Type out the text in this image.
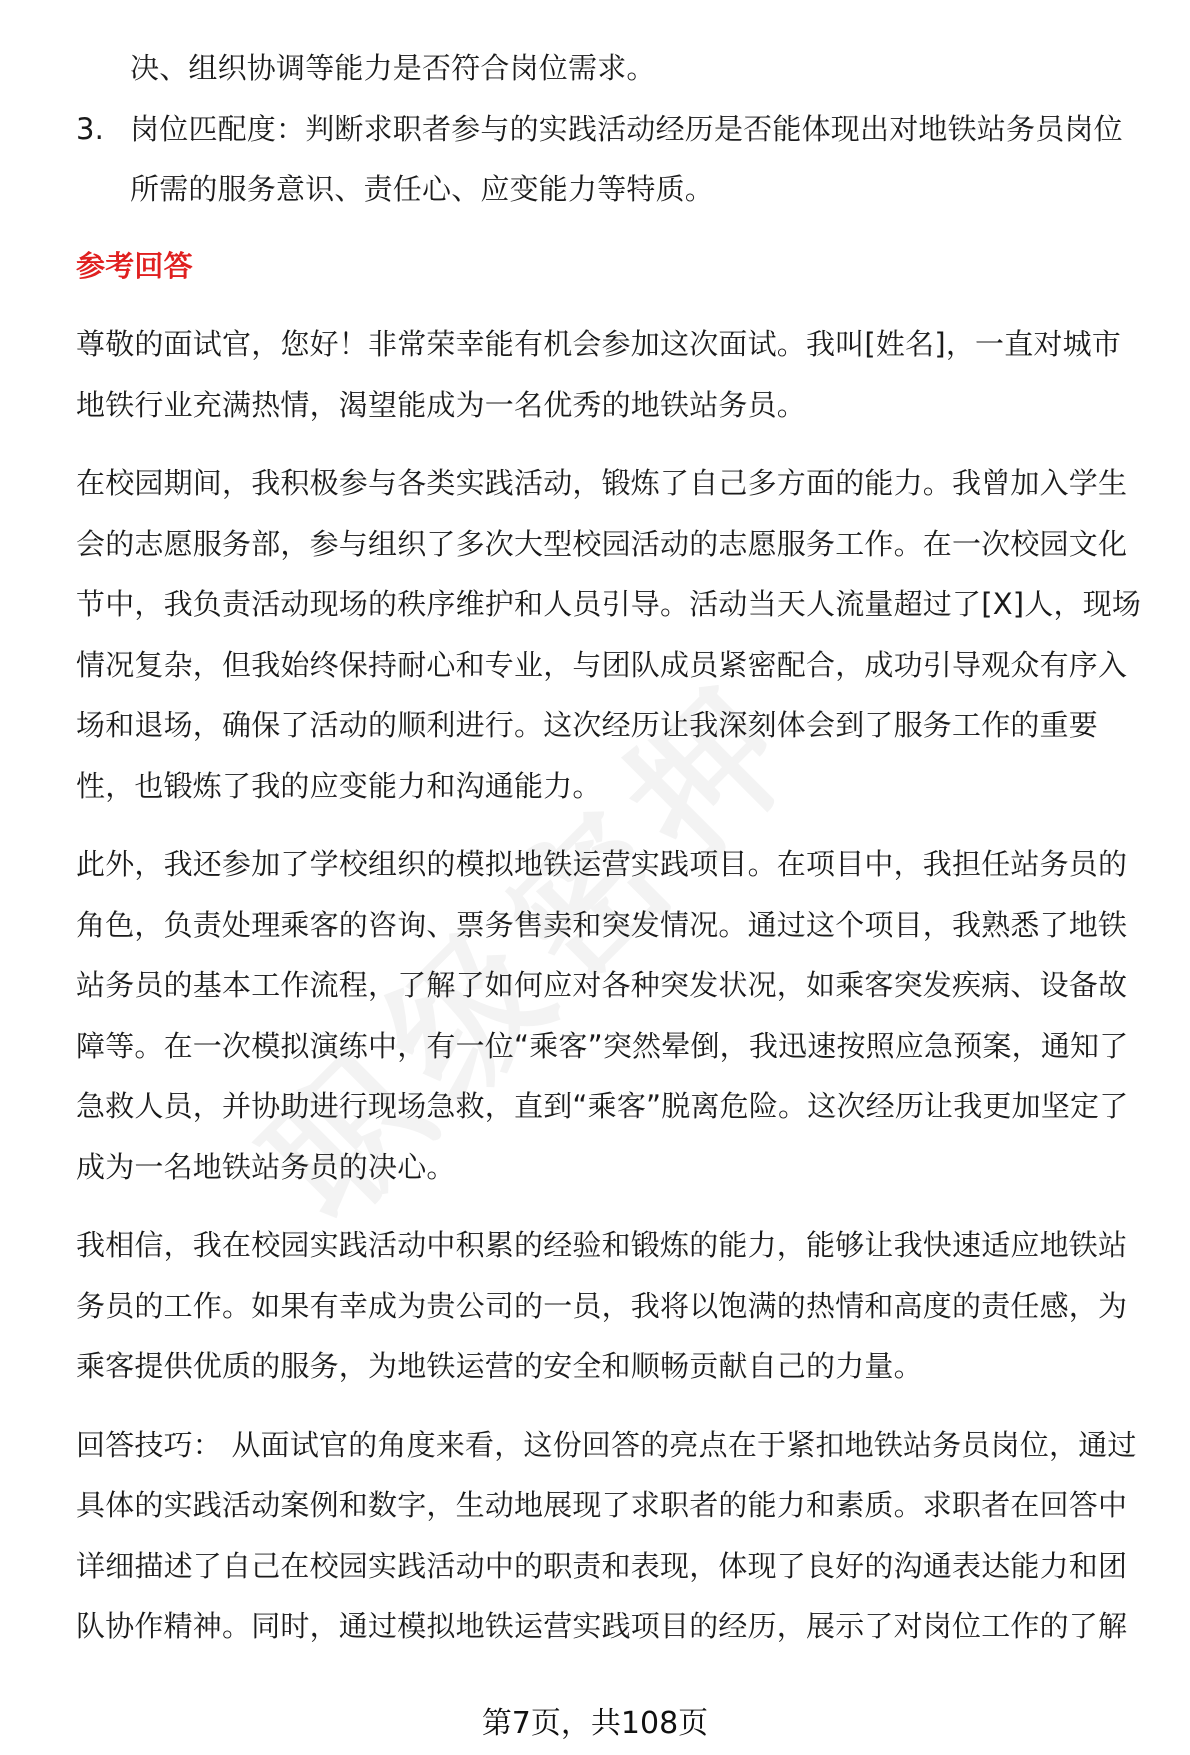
决、组织协调等能力是否符合岗位需求。

3. 岗位匹配度：判断求职者参与的实践活动经历是否能体现出对地铁站务员岗位

所需的服务意识、责任心、应变能力等特质。

参考回答

尊敬的面试官，您好！非常荣幸能有机会参加这次面试。我叫[姓名]，一直对城市

地铁行业充满热情，渴望能成为一名优秀的地铁站务员。

在校园期间，我积极参与各类实践活动，锻炼了自己多方面的能力。我曾加入学生

会的志愿服务部，参与组织了多次大型校园活动的志愿服务工作。在一次校园文化

节中，我负责活动现场的秩序维护和人员引导。活动当天人流量超过了[X]人，现场

情况复杂，但我始终保持耐心和专业，与团队成员紧密配合，成功引导观众有序入

场和退场，确保了活动的顺利进行。这次经历让我深刻体会到了服务工作的重要

性，也锻炼了我的应变能力和沟通能力。

此外，我还参加了学校组织的模拟地铁运营实践项目。在项目中，我担任站务员的

角色，负责处理乘客的咨询、票务售卖和突发情况。通过这个项目，我熟悉了地铁

站务员的基本工作流程，了解了如何应对各种突发状况，如乘客突发疾病、设备故

障等。在一次模拟演练中，有一位“乘客”突然晕倒，我迅速按照应急预案，通知了

急救人员，并协助进行现场急救，直到“乘客”脱离危险。这次经历让我更加坚定了

成为一名地铁站务员的决心。

我相信，我在校园实践活动中积累的经验和锻炼的能力，能够让我快速适应地铁站

务员的工作。如果有幸成为贵公司的一员，我将以饱满的热情和高度的责任感，为

乘客提供优质的服务，为地铁运营的安全和顺畅贡献自己的力量。

回答技巧： 从面试官的角度来看，这份回答的亮点在于紧扣地铁站务员岗位，通过

具体的实践活动案例和数字，生动地展现了求职者的能力和素质。求职者在回答中

详细描述了自己在校园实践活动中的职责和表现，体现了良好的沟通表达能力和团

队协作精神。同时，通过模拟地铁运营实践项目的经历，展示了对岗位工作的了解

第7页，共108页
